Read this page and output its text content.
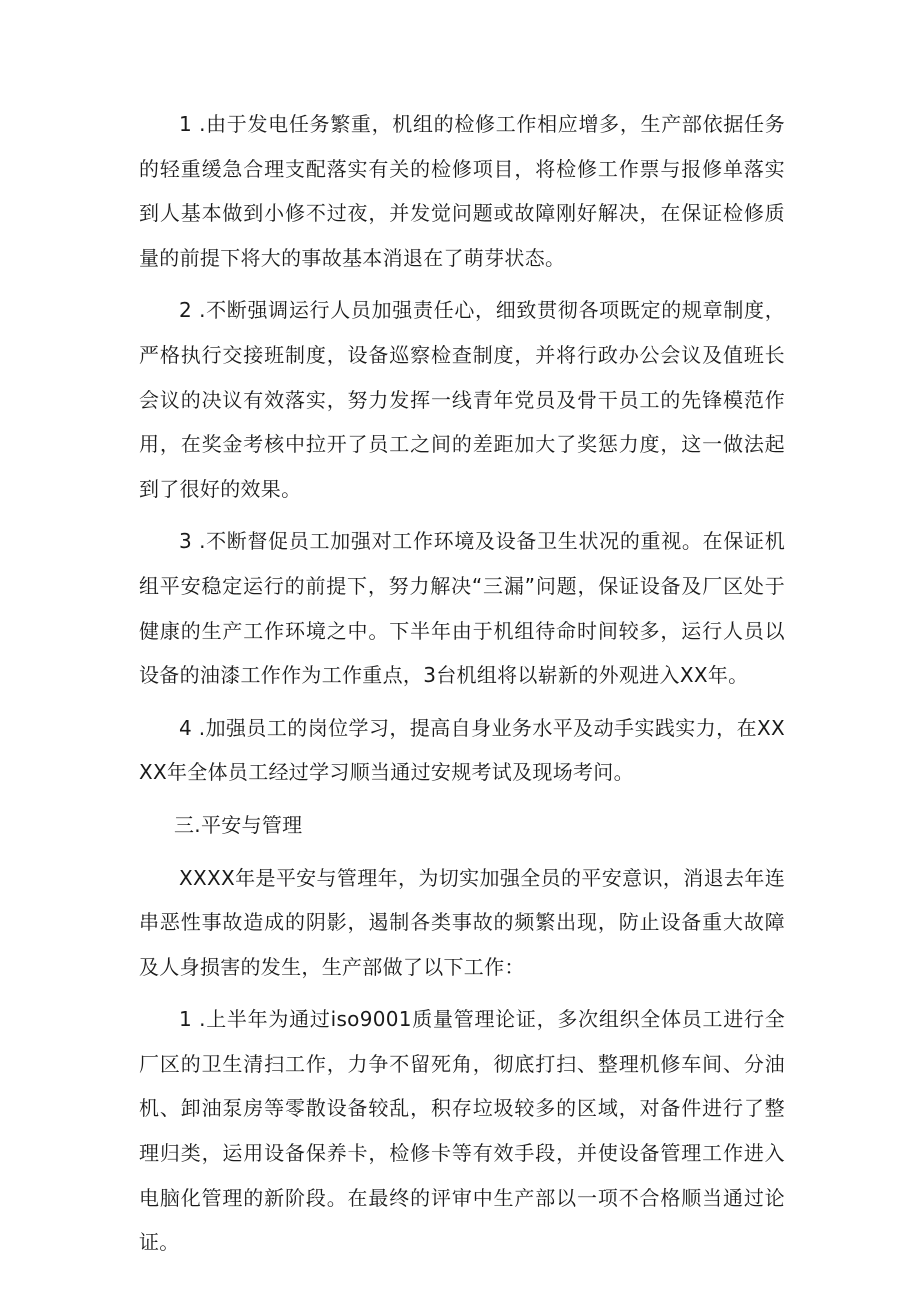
1 .由于发电任务繁重，机组的检修工作相应增多，生产部依据任务的轻重缓急合理支配落实有关的检修项目，将检修工作票与报修单落实到人基本做到小修不过夜，并发觉问题或故障刚好解决，在保证检修质量的前提下将大的事故基本消退在了萌芽状态。

2 .不断强调运行人员加强责任心，细致贯彻各项既定的规章制度，严格执行交接班制度，设备巡察检查制度，并将行政办公会议及值班长会议的决议有效落实，努力发挥一线青年党员及骨干员工的先锋模范作用，在奖金考核中拉开了员工之间的差距加大了奖惩力度，这一做法起到了很好的效果。

3 .不断督促员工加强对工作环境及设备卫生状况的重视。在保证机组平安稳定运行的前提下，努力解决“三漏”问题，保证设备及厂区处于健康的生产工作环境之中。下半年由于机组待命时间较多，运行人员以设备的油漆工作作为工作重点，3台机组将以崭新的外观进入XX年。

4 .加强员工的岗位学习，提高自身业务水平及动手实践实力，在XXXX年全体员工经过学习顺当通过安规考试及现场考问。

三.平安与管理

XXXX年是平安与管理年，为切实加强全员的平安意识，消退去年连串恶性事故造成的阴影，遏制各类事故的频繁出现，防止设备重大故障及人身损害的发生，生产部做了以下工作：

1 .上半年为通过iso9001质量管理论证，多次组织全体员工进行全厂区的卫生清扫工作，力争不留死角，彻底打扫、整理机修车间、分油机、卸油泵房等零散设备较乱，积存垃圾较多的区域，对备件进行了整理归类，运用设备保养卡，检修卡等有效手段，并使设备管理工作进入电脑化管理的新阶段。在最终的评审中生产部以一项不合格顺当通过论证。
